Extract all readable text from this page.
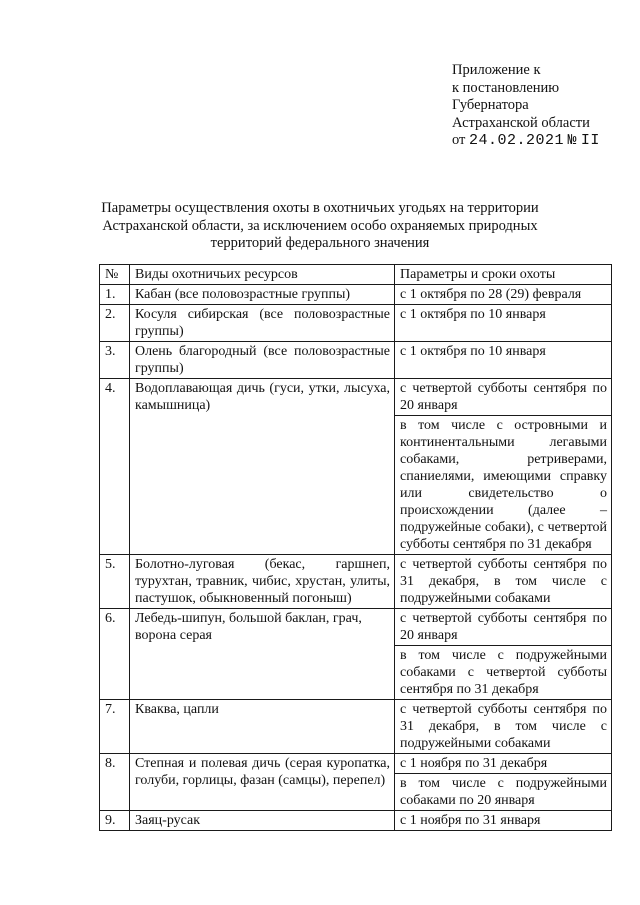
Приложение к
к постановлению
Губернатора
Астраханской области
от 24.02.2021 № II
Параметры осуществления охоты в охотничьих угодьях на территории
Астраханской области, за исключением особо охраняемых природных
территорий федерального значения
№	Виды охотничьих ресурсов	Параметры и сроки охоты
1.	Кабан (все половозрастные группы)	с 1 октября по 28 (29) февраля
2.	Косуля сибирская (все половозрастные группы)	с 1 октября по 10 января
3.	Олень благородный (все половозрастные группы)	с 1 октября по 10 января
4.	Водоплавающая дичь (гуси, утки, лысуха, камышница)	с четвертой субботы сентября по 20 января
		в том числе с островными и континентальными легавыми собаками, ретриверами, спаниелями, имеющими справку или свидетельство о происхождении (далее – подружейные собаки), с четвертой субботы сентября по 31 декабря
5.	Болотно-луговая (бекас, гаршнеп, турухтан, травник, чибис, хрустан, улиты, пастушок, обыкновенный погоныш)	с четвертой субботы сентября по 31 декабря, в том числе с подружейными собаками
6.	Лебедь-шипун, большой баклан, грач, ворона серая	с четвертой субботы сентября по 20 января
		в том числе с подружейными собаками с четвертой субботы сентября по 31 декабря
7.	Кваква, цапли	с четвертой субботы сентября по 31 декабря, в том числе с подружейными собаками
8.	Степная и полевая дичь (серая куропатка, голуби, горлицы, фазан (самцы), перепел)	с 1 ноября по 31 декабря
		в том числе с подружейными собаками по 20 января
9.	Заяц-русак	с 1 ноября по 31 января
